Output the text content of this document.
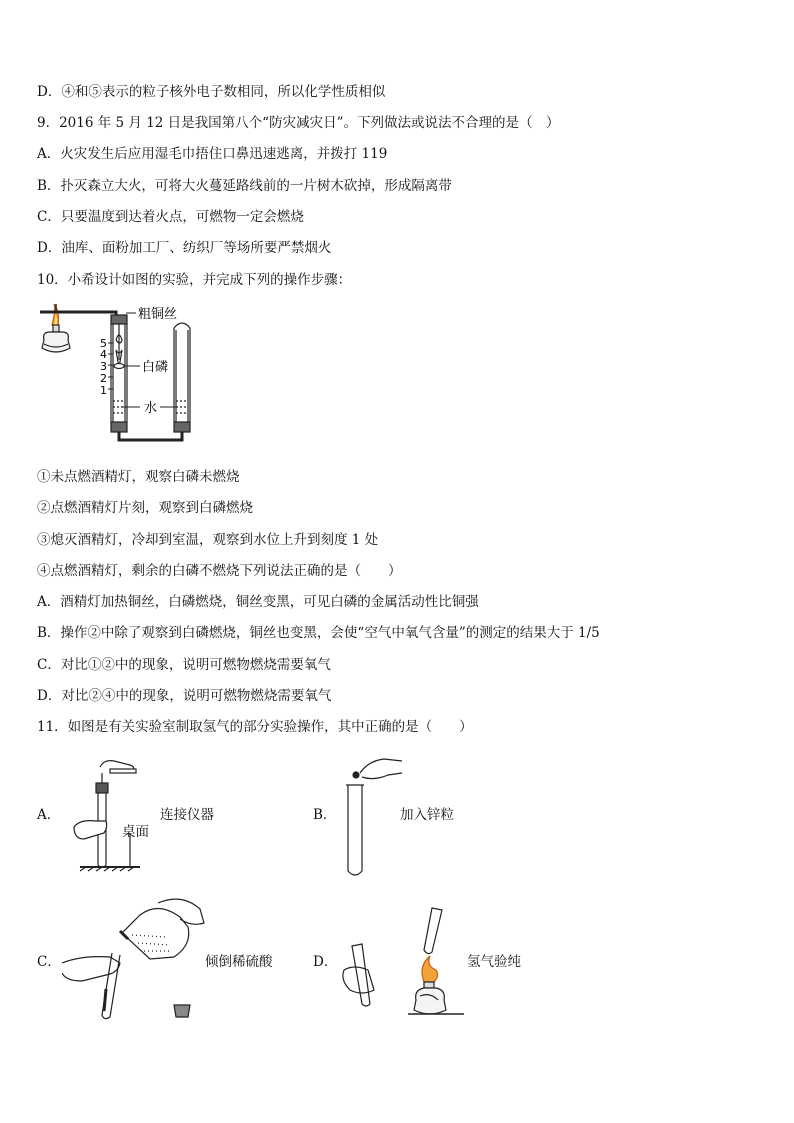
D．④和⑤表示的粒子核外电子数相同，所以化学性质相似
9．2016 年 5 月 12 日是我国第八个“防灾减灾日”。下列做法或说法不合理的是（　）
A．火灾发生后应用湿毛巾捂住口鼻迅速逃离，并拨打 119
B．扑灭森立大火，可将大火蔓延路线前的一片树木砍掉，形成隔离带
C．只要温度到达着火点，可燃物一定会燃烧
D．油库、面粉加工厂、纺织厂等场所要严禁烟火
10．小希设计如图的实验，并完成下列的操作步骤：
5
4
3
2
1
粗铜丝
白磷
水
①未点燃酒精灯，观察白磷未燃烧
②点燃酒精灯片刻，观察到白磷燃烧
③熄灭酒精灯，冷却到室温，观察到水位上升到刻度 1 处
④点燃酒精灯，剩余的白磷不燃烧下列说法正确的是（　　）
A．酒精灯加热铜丝，白磷燃烧，铜丝变黑，可见白磷的金属活动性比铜强
B．操作②中除了观察到白磷燃烧，铜丝也变黑，会使“空气中氧气含量”的测定的结果大于 1/5
C．对比①②中的现象，说明可燃物燃烧需要氧气
D．对比②④中的现象，说明可燃物燃烧需要氧气
11．如图是有关实验室制取氢气的部分实验操作，其中正确的是（　　）
A．	连接仪器
桌面
B．	加入锌粒
C．	倾倒稀硫酸	D．	氢气验纯
